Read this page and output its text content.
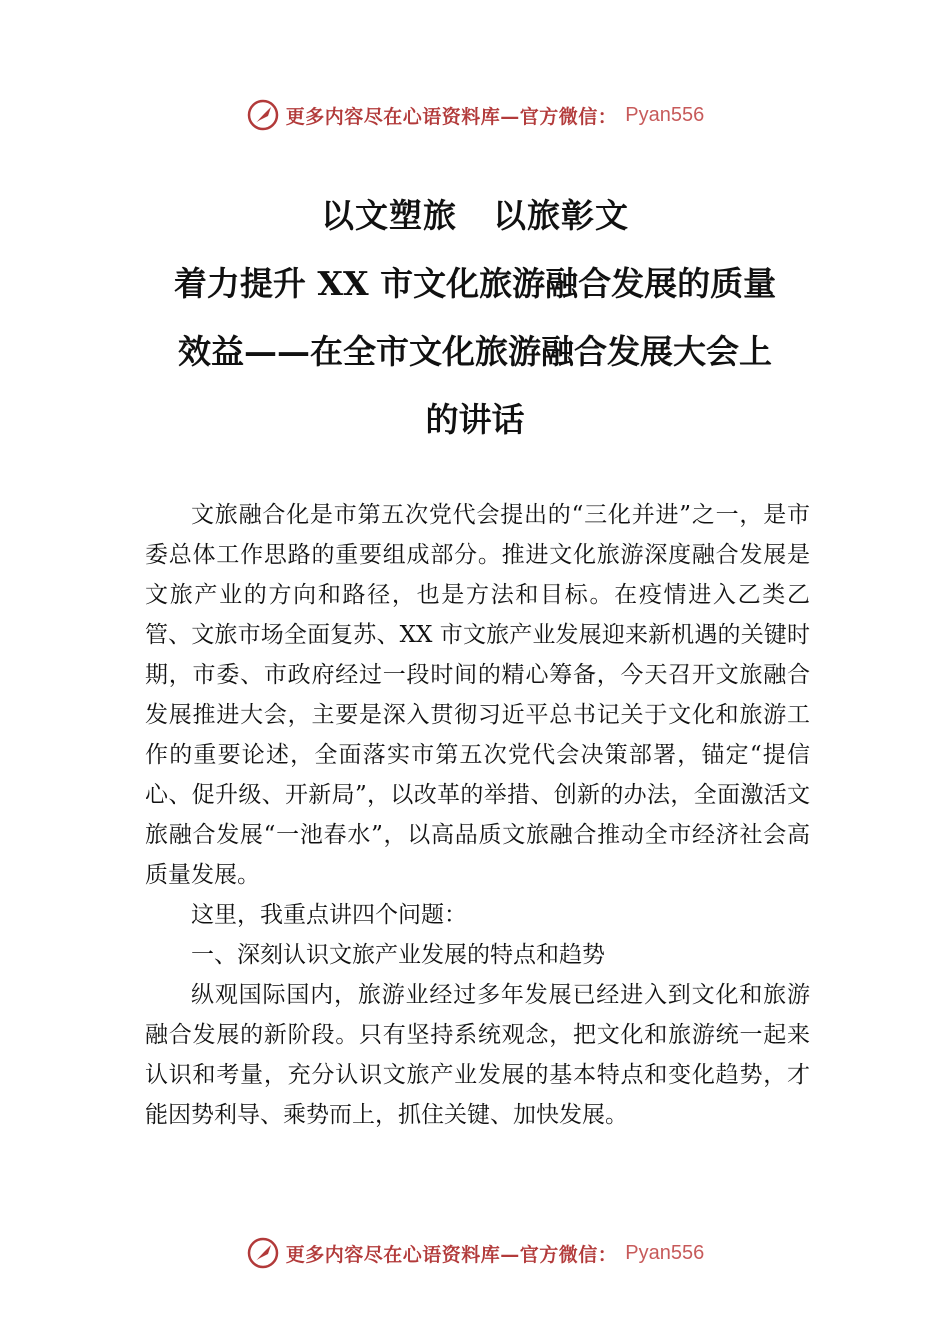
更多内容尽在心语资料库—官方微信： Pyan556
以文塑旅 以旅彰文
着力提升 XX 市文化旅游融合发展的质量
效益——在全市文化旅游融合发展大会上
的讲话

文旅融合化是市第五次党代会提出的“三化并进”之一，是市委总体工作思路的重要组成部分。推进文化旅游深度融合发展是文旅产业的方向和路径，也是方法和目标。在疫情进入乙类乙管、文旅市场全面复苏、XX 市文旅产业发展迎来新机遇的关键时期，市委、市政府经过一段时间的精心筹备，今天召开文旅融合发展推进大会，主要是深入贯彻习近平总书记关于文化和旅游工作的重要论述，全面落实市第五次党代会决策部署，锚定“提信心、促升级、开新局”，以改革的举措、创新的办法，全面激活文旅融合发展“一池春水”，以高品质文旅融合推动全市经济社会高质量发展。

这里，我重点讲四个问题：

一、深刻认识文旅产业发展的特点和趋势

纵观国际国内，旅游业经过多年发展已经进入到文化和旅游融合发展的新阶段。只有坚持系统观念，把文化和旅游统一起来认识和考量，充分认识文旅产业发展的基本特点和变化趋势，才能因势利导、乘势而上，抓住关键、加快发展。

更多内容尽在心语资料库—官方微信： Pyan556
